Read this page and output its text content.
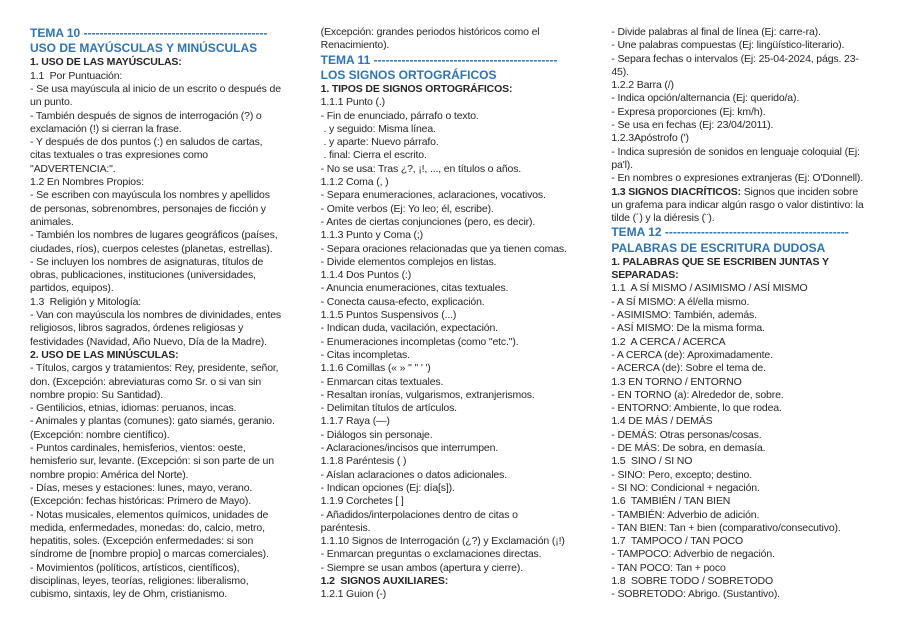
TEMA 10 ----------------------------------------------
USO DE MAYÚSCULAS Y MINÚSCULAS
1. USO DE LAS MAYÚSCULAS:
1.1  Por Puntuación:
- Se usa mayúscula al inicio de un escrito o después de
un punto.
- También después de signos de interrogación (?) o
exclamación (!) si cierran la frase.
- Y después de dos puntos (:) en saludos de cartas,
citas textuales o tras expresiones como
"ADVERTENCIA:".
1.2 En Nombres Propios:
- Se escriben con mayúscula los nombres y apellidos
de personas, sobrenombres, personajes de ficción y
animales.
- También los nombres de lugares geográficos (países,
ciudades, ríos), cuerpos celestes (planetas, estrellas).
- Se incluyen los nombres de asignaturas, títulos de
obras, publicaciones, instituciones (universidades,
partidos, equipos).
1.3  Religión y Mitología:
- Van con mayúscula los nombres de divinidades, entes
religiosos, libros sagrados, órdenes religiosas y
festividades (Navidad, Año Nuevo, Día de la Madre).
2. USO DE LAS MINÚSCULAS:
- Títulos, cargos y tratamientos: Rey, presidente, señor,
don. (Excepción: abreviaturas como Sr. o si van sin
nombre propio: Su Santidad).
- Gentilicios, etnias, idiomas: peruanos, incas.
- Animales y plantas (comunes): gato siamés, geranio.
(Excepción: nombre científico).
- Puntos cardinales, hemisferios, vientos: oeste,
hemisferio sur, levante. (Excepción: si son parte de un
nombre propio: América del Norte).
- Días, meses y estaciones: lunes, mayo, verano.
(Excepción: fechas históricas: Primero de Mayo).
- Notas musicales, elementos químicos, unidades de
medida, enfermedades, monedas: do, calcio, metro,
hepatitis, soles. (Excepción enfermedades: si son
síndrome de [nombre propio] o marcas comerciales).
- Movimientos (políticos, artísticos, científicos),
disciplinas, leyes, teorías, religiones: liberalismo,
cubismo, sintaxis, ley de Ohm, cristianismo.
(Excepción: grandes periodos históricos como el
Renacimiento).
TEMA 11 ----------------------------------------------
LOS SIGNOS ORTOGRÁFICOS
1. TIPOS DE SIGNOS ORTOGRÁFICOS:
1.1.1 Punto (.)
- Fin de enunciado, párrafo o texto.
. y seguido: Misma línea.
. y aparte: Nuevo párrafo.
. final: Cierra el escrito.
- No se usa: Tras ¿?, ¡!, ..., en títulos o años.
1.1.2 Coma (, )
- Separa enumeraciones, aclaraciones, vocativos.
- Omite verbos (Ej: Yo leo; él, escribe).
- Antes de ciertas conjunciones (pero, es decir).
1.1.3 Punto y Coma (;)
- Separa oraciones relacionadas que ya tienen comas.
- Divide elementos complejos en listas.
1.1.4 Dos Puntos (:)
- Anuncia enumeraciones, citas textuales.
- Conecta causa-efecto, explicación.
1.1.5 Puntos Suspensivos (...)
- Indican duda, vacilación, expectación.
- Enumeraciones incompletas (como "etc.").
- Citas incompletas.
1.1.6 Comillas (« » " " ' ')
- Enmarcan citas textuales.
- Resaltan ironías, vulgarismos, extranjerismos.
- Delimitan títulos de artículos.
1.1.7 Raya (—)
- Diálogos sin personaje.
- Aclaraciones/incisos que interrumpen.
1.1.8 Paréntesis ( )
- Aíslan aclaraciones o datos adicionales.
- Indican opciones (Ej: día[s]).
1.1.9 Corchetes [ ]
- Añadidos/interpolaciones dentro de citas o
paréntesis.
1.1.10 Signos de Interrogación (¿?) y Exclamación (¡!)
- Enmarcan preguntas o exclamaciones directas.
- Siempre se usan ambos (apertura y cierre).
1.2  SIGNOS AUXILIARES:
1.2.1 Guion (-)
- Divide palabras al final de línea (Ej: carre-ra).
- Une palabras compuestas (Ej: lingüístico-literario).
- Separa fechas o intervalos (Ej: 25-04-2024, págs. 23-
45).
1.2.2 Barra (/)
- Indica opción/alternancia (Ej: querido/a).
- Expresa proporciones (Ej: km/h).
- Se usa en fechas (Ej: 23/04/2011).
1.2.3Apóstrofo (')
- Indica supresión de sonidos en lenguaje coloquial (Ej:
pa'l).
- En nombres o expresiones extranjeras (Ej: O'Donnell).
1.3 SIGNOS DIACRÍTICOS: Signos que inciden sobre
un grafema para indicar algún rasgo o valor distintivo: la
tilde (´) y la diéresis (¨).
TEMA 12 ----------------------------------------------
PALABRAS DE ESCRITURA DUDOSA
1. PALABRAS QUE SE ESCRIBEN JUNTAS Y
SEPARADAS:
1.1  A SÍ MISMO / ASIMISMO / ASÍ MISMO
- A SÍ MISMO: A él/ella mismo.
- ASIMISMO: También, además.
- ASÍ MISMO: De la misma forma.
1.2  A CERCA / ACERCA
- A CERCA (de): Aproximadamente.
- ACERCA (de): Sobre el tema de.
1.3 EN TORNO / ENTORNO
- EN TORNO (a): Alrededor de, sobre.
- ENTORNO: Ambiente, lo que rodea.
1.4 DE MÁS / DEMÁS
- DEMÁS: Otras personas/cosas.
- DE MÁS: De sobra, en demasía.
1.5  SINO / SI NO
- SINO: Pero, excepto; destino.
- SI NO: Condicional + negación.
1.6  TAMBIÉN / TAN BIEN
- TAMBIÉN: Adverbio de adición.
- TAN BIEN: Tan + bien (comparativo/consecutivo).
1.7  TAMPOCO / TAN POCO
- TAMPOCO: Adverbio de negación.
- TAN POCO: Tan + poco
1.8  SOBRE TODO / SOBRETODO
- SOBRETODO: Abrigo. (Sustantivo).
